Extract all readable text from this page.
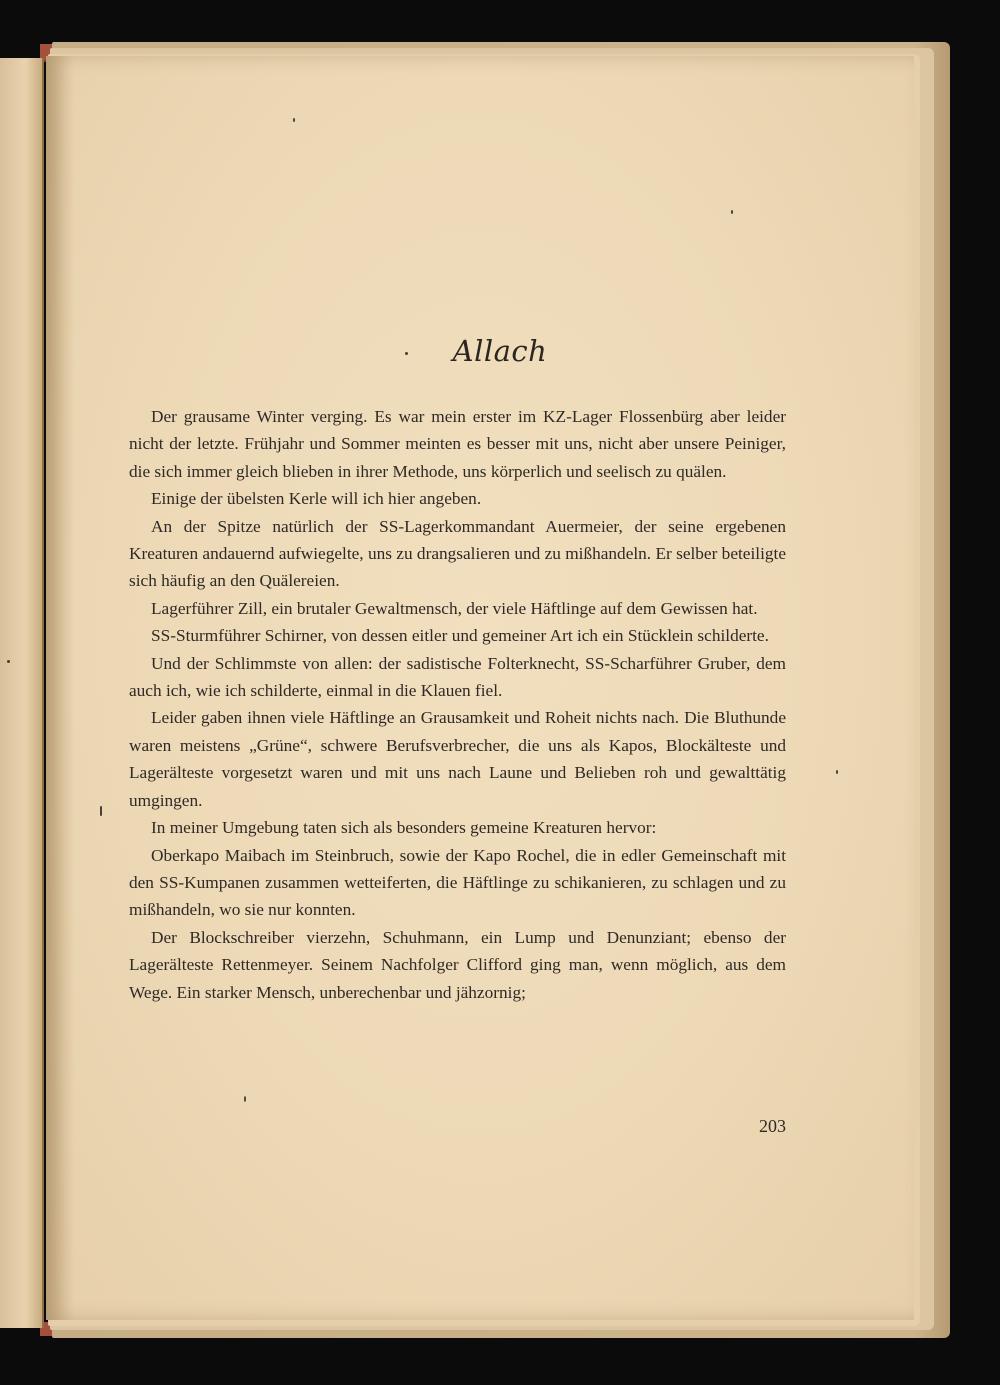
Allach

Der grausame Winter verging. Es war mein erster im KZ-Lager Flossenbürg aber leider nicht der letzte. Frühjahr und Sommer meinten es besser mit uns, nicht aber unsere Peiniger, die sich immer gleich blieben in ihrer Methode, uns körperlich und seelisch zu quälen.

Einige der übelsten Kerle will ich hier angeben.

An der Spitze natürlich der SS-Lagerkommandant Auermeier, der seine ergebenen Kreaturen andauernd aufwiegelte, uns zu drangsalieren und zu mißhandeln. Er selber beteiligte sich häufig an den Quälereien.

Lagerführer Zill, ein brutaler Gewaltmensch, der viele Häftlinge auf dem Gewissen hat.

SS-Sturmführer Schirner, von dessen eitler und gemeiner Art ich ein Stücklein schilderte.

Und der Schlimmste von allen: der sadistische Folterknecht, SS-Scharführer Gruber, dem auch ich, wie ich schilderte, einmal in die Klauen fiel.

Leider gaben ihnen viele Häftlinge an Grausamkeit und Roheit nichts nach. Die Bluthunde waren meistens „Grüne“, schwere Berufsverbrecher, die uns als Kapos, Blockälteste und Lagerälteste vorgesetzt waren und mit uns nach Laune und Belieben roh und gewalttätig umgingen.

In meiner Umgebung taten sich als besonders gemeine Kreaturen hervor:

Oberkapo Maibach im Steinbruch, sowie der Kapo Rochel, die in edler Gemeinschaft mit den SS-Kumpanen zusammen wetteiferten, die Häftlinge zu schikanieren, zu schlagen und zu mißhandeln, wo sie nur konnten.

Der Blockschreiber vierzehn, Schuhmann, ein Lump und Denunziant; ebenso der Lagerälteste Rettenmeyer. Seinem Nachfolger Clifford ging man, wenn möglich, aus dem Wege. Ein starker Mensch, unberechenbar und jähzornig;

203
